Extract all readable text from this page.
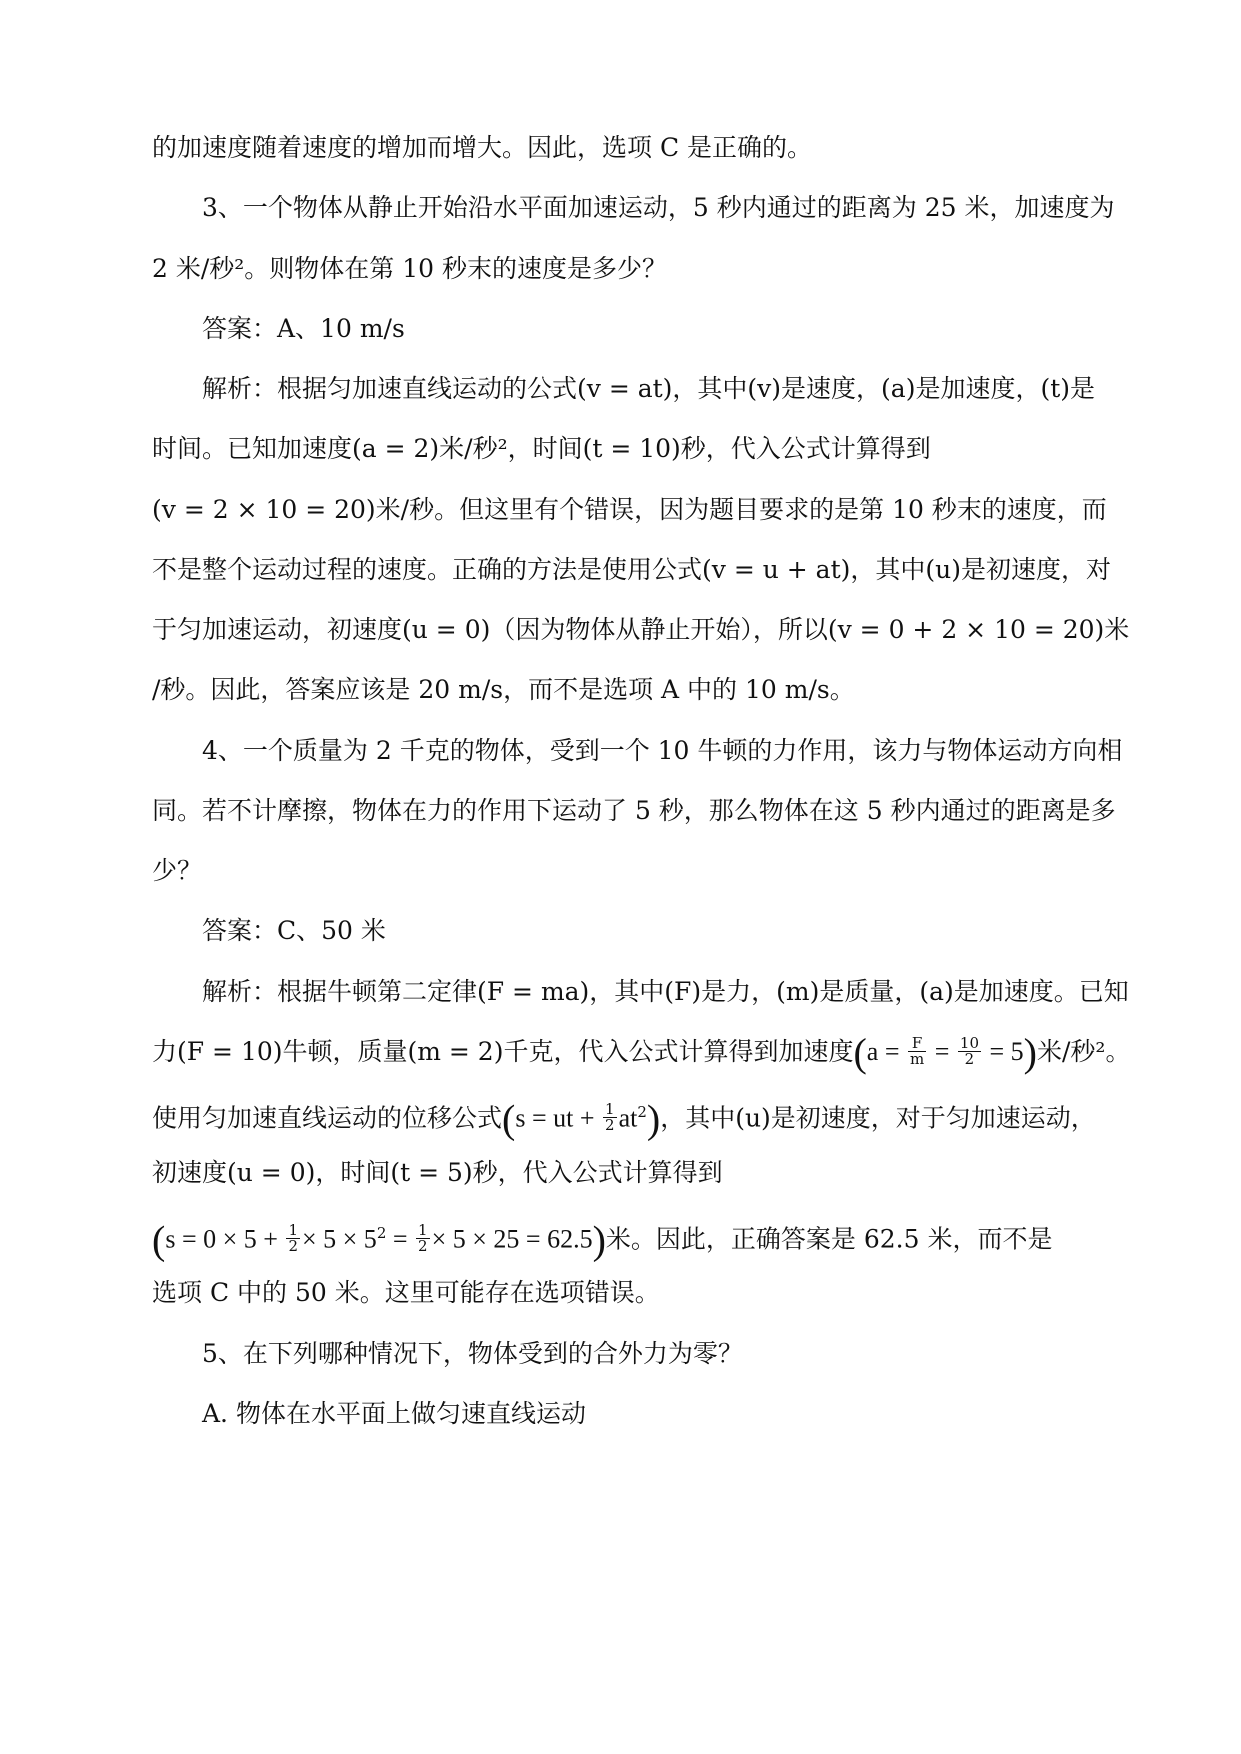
的加速度随着速度的增加而增大。因此，选项 C 是正确的。
3、一个物体从静止开始沿水平面加速运动，5 秒内通过的距离为 25 米，加速度为
2 米/秒²。则物体在第 10 秒末的速度是多少？
答案：A、10 m/s
解析：根据匀加速直线运动的公式(v = at)，其中(v)是速度，(a)是加速度，(t)是
时间。已知加速度(a = 2)米/秒²，时间(t = 10)秒，代入公式计算得到
(v = 2 × 10 = 20)米/秒。但这里有个错误，因为题目要求的是第 10 秒末的速度，而
不是整个运动过程的速度。正确的方法是使用公式(v = u + at)，其中(u)是初速度，对
于匀加速运动，初速度(u = 0)（因为物体从静止开始），所以(v = 0 + 2 × 10 = 20)米
/秒。因此，答案应该是 20 m/s，而不是选项 A 中的 10 m/s。
4、一个质量为 2 千克的物体，受到一个 10 牛顿的力作用，该力与物体运动方向相
同。若不计摩擦，物体在力的作用下运动了 5 秒，那么物体在这 5 秒内通过的距离是多
少？
答案：C、50 米
解析：根据牛顿第二定律(F = ma)，其中(F)是力，(m)是质量，(a)是加速度。已知
力(F = 10)牛顿，质量(m = 2)千克，代入公式计算得到加速度$(a = \frac{F}{m} = \frac{10}{2} = 5)$米/秒²。
使用匀加速直线运动的位移公式(s = ut + $\frac{1}{2} at^2$)，其中(u)是初速度，对于匀加速运动，
初速度(u = 0)，时间(t = 5)秒，代入公式计算得到
$(s = 0 \times 5 + \frac{1}{2} \times 5 \times 5^2 = \frac{1}{2} \times 5 \times 25 = 62.5)$米。因此，正确答案是 62.5 米，而不是
选项 C 中的 50 米。这里可能存在选项错误。
5、在下列哪种情况下，物体受到的合外力为零？
A. 物体在水平面上做匀速直线运动
